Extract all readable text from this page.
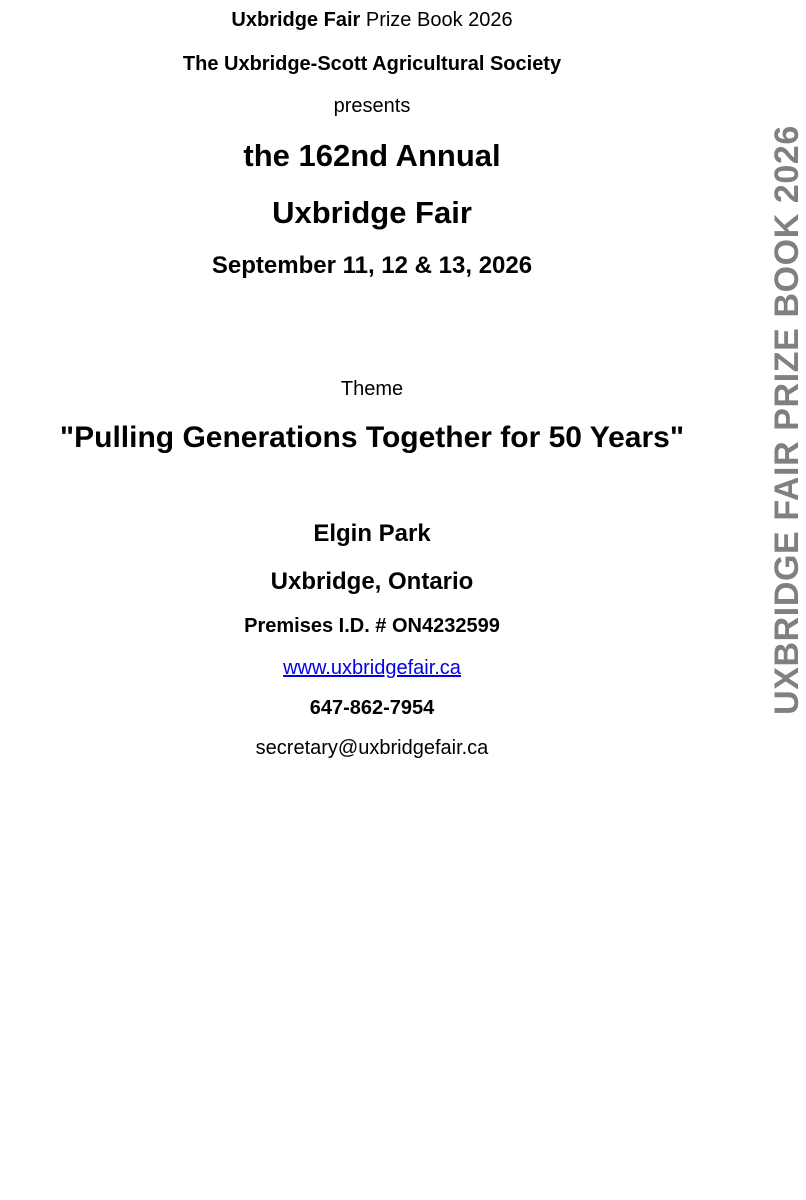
Uxbridge Fair Prize Book 2026
The Uxbridge-Scott Agricultural Society
presents
the 162nd Annual
Uxbridge Fair
September 11, 12 & 13, 2026
Theme
"Pulling Generations Together for 50 Years"
Elgin Park
Uxbridge, Ontario
Premises I.D. # ON4232599
www.uxbridgefair.ca
647-862-7954
secretary@uxbridgefair.ca
UXBRIDGE FAIR PRIZE BOOK 2026
